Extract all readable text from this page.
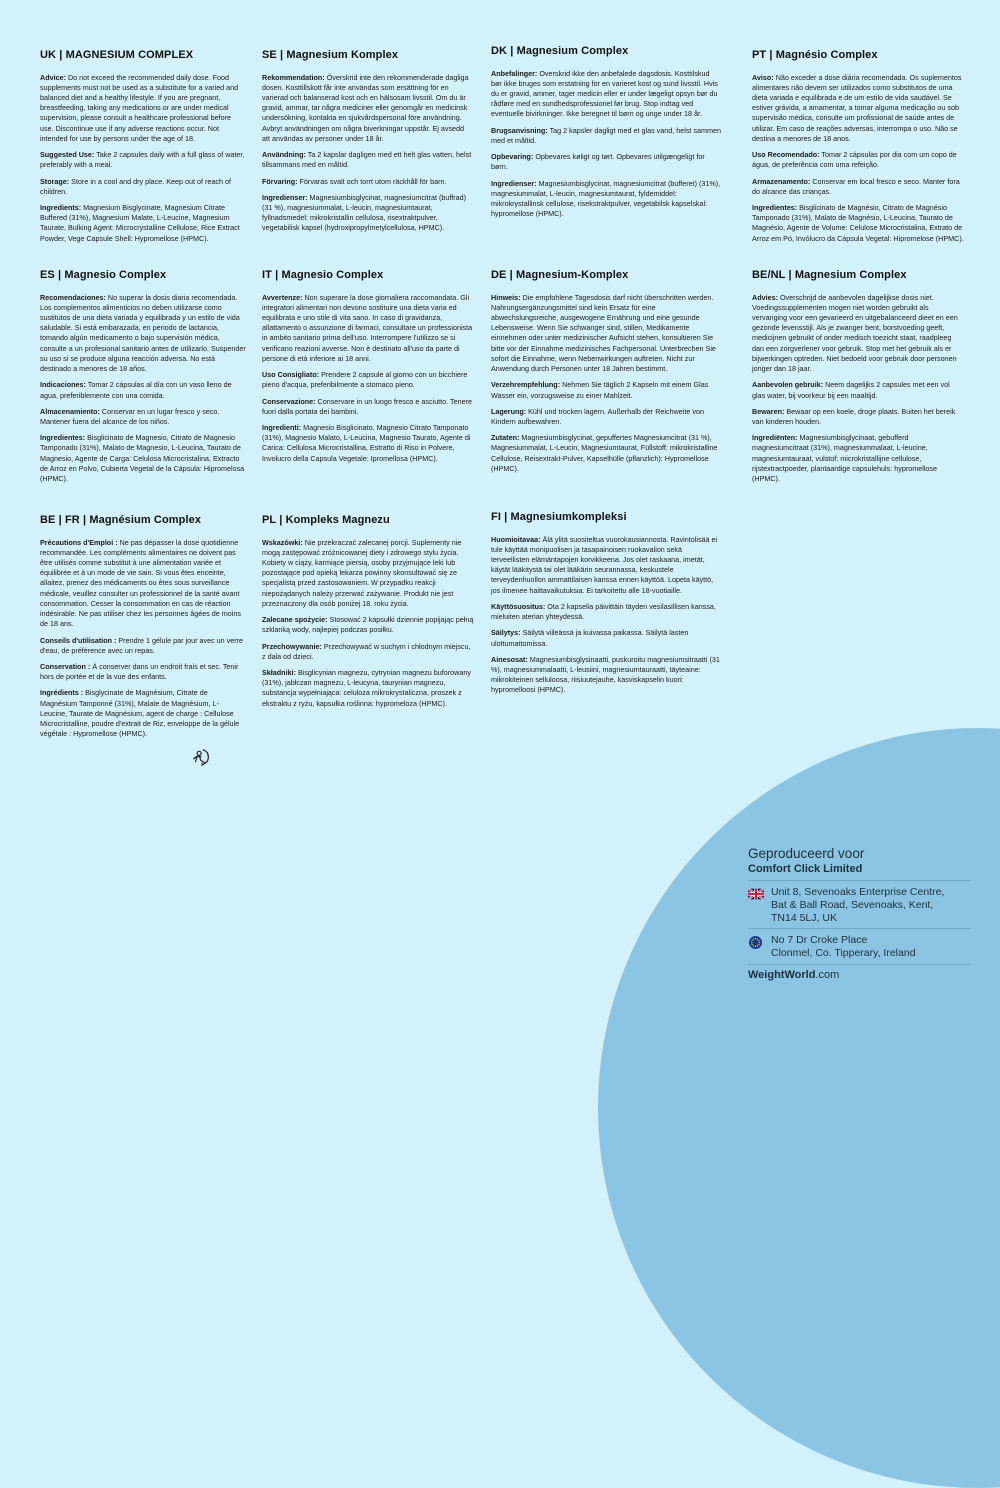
UK | MAGNESIUM COMPLEX

Advice: Do not exceed the recommended daily dose. Food supplements must not be used as a substitute for a varied and balanced diet and a healthy lifestyle. If you are pregnant, breastfeeding, taking any medications or are under medical supervision, please consult a healthcare professional before use. Discontinue use if any adverse reactions occur. Not intended for use by persons under the age of 18.

Suggested Use: Take 2 capsules daily with a full glass of water, preferably with a meal.

Storage: Store in a cool and dry place. Keep out of reach of children.

Ingredients: Magnesium Bisglycinate, Magnesium Citrate Buffered (31%), Magnesium Malate, L-Leucine, Magnesium Taurate, Bulking Agent: Microcrystalline Cellulose, Rice Extract Powder, Vege Capsule Shell: Hypromellose (HPMC).

SE | Magnesium Komplex

Rekommendation: Överskrid inte den rekommenderade dagliga dosen. Kosttillskott får inte användas som ersättning för en varierad och balanserad kost och en hälsosam livsstil. Om du är gravid, ammar, tar några mediciner eller genomgår en medicinsk undersökning, kontakta en sjukvårdspersonal före användning. Avbryt användningen om några biverkningar uppstår. Ej avsedd att användas av personer under 18 år.

Användning: Ta 2 kapslar dagligen med ett helt glas vatten, helst tillsammans med en måltid.

Förvaring: Förvaras svalt och torrt utom räckhåll för barn.

Ingredienser: Magnesiumbisglycinat, magnesiumcitrat (buffrad) (31 %), magnesiummalat, L-leucin, magnesiumtaurat, fyllnadsmedel: mikrokristallin cellulosa, risextraktpulver, vegetabilisk kapsel (hydroxipropylmetylcellulosa, HPMC).

DK | Magnesium Complex

Anbefalinger: Overskrid ikke den anbefalede dagsdosis. Kosttilskud bør ikke bruges som erstatning for en varieret kost og sund livsstil. Hvis du er gravid, ammer, tager medicin eller er under lægeligt opsyn bør du rådføre med en sundhedsprofessionel før brug. Stop indtag ved eventuelle bivirkninger. Ikke beregnet til børn og unge under 18 år.

Brugsanvisning: Tag 2 kapsler dagligt med et glas vand, helst sammen med et måltid.

Opbevaring: Opbevares køligt og tørt. Opbevares utilgængeligt for børn.

Ingredienser: Magnesiumbisglycinat, magnesiumcitrat (bufferet) (31%), magnesiummalat, L-leucin, magnesiumtaurat, fyldemiddel: mikrokrystallinsk cellulose, risekstraktpulver, vegetabilsk kapselskal: hypromellose (HPMC).

PT | Magnésio Complex

Aviso: Não exceder a dose diária recomendada. Os suplementos alimentares não devem ser utilizados como substitutos de uma dieta variada e equilibrada e de um estilo de vida saudável. Se estiver grávida, a amamentar, a tomar alguma medicação ou sob supervisão médica, consulte um profissional de saúde antes de utilizar. Em caso de reações adversas, interrompa o uso. Não se destina a menores de 18 anos.

Uso Recomendado: Tomar 2 cápsulas por dia com um copo de água, de preferência com uma refeição.

Armazenamento: Conservar em local fresco e seco. Manter fora do alcance das crianças.

Ingredientes: Bisglicinato de Magnésio, Citrato de Magnésio Tamponado (31%), Malato de Magnésio, L-Leucina, Taurato de Magnésio, Agente de Volume: Celulose Microcristalina, Extrato de Arroz em Pó, Invólucro da Cápsula Vegetal: Hipromelose (HPMC).

ES | Magnesio Complex

Recomendaciones: No superar la dosis diaria recomendada. Los complementos alimenticios no deben utilizarse como sustitutos de una dieta variada y equilibrada y un estilo de vida saludable. Si está embarazada, en periodo de lactancia, tomando algún medicamento o bajo supervisión médica, consulte a un profesional sanitario antes de utilizarlo. Suspender su uso si se produce alguna reacción adversa. No está destinado a menores de 18 años.

Indicaciones: Tomar 2 cápsulas al día con un vaso lleno de agua, preferiblemente con una comida.

Almacenamiento: Conservar en un lugar fresco y seco. Mantener fuera del alcance de los niños.

Ingredientes: Bisglicinato de Magnesio, Citrato de Magnesio Tamponado (31%), Malato de Magnesio, L-Leucina, Taurato de Magnesio, Agente de Carga: Celulosa Microcristalina, Extracto de Arroz en Polvo, Cubierta Vegetal de la Cápsula: Hipromelosa (HPMC).

IT | Magnesio Complex

Avvertenze: Non superare la dose giornaliera raccomandata. Gli integratori alimentari non devono sostituire una dieta varia ed equilibrata e uno stile di vita sano. In caso di gravidanza, allattamento o assunzione di farmaci, consultare un professionista in ambito sanitario prima dell'uso. Interrompere l'utilizzo se si verificano reazioni avverse. Non è destinato all'uso da parte di persone di età inferiore ai 18 anni.

Uso Consigliato: Prendere 2 capsule al giorno con un bicchiere pieno d'acqua, preferibilmente a stomaco pieno.

Conservazione: Conservare in un luogo fresco e asciutto. Tenere fuori dalla portata dei bambini.

Ingredienti: Magnesio Bisglicinato, Magnesio Citrato Tamponato (31%), Magnesio Malato, L-Leucina, Magnesio Taurato, Agente di Carica: Cellulosa Microcristallina, Estratto di Riso in Polvere, Involucro della Capsula Vegetale: Ipromellosa (HPMC).

DE | Magnesium-Komplex

Hinweis: Die empfohlene Tagesdosis darf nicht überschritten werden. Nahrungsergänzungsmittel sind kein Ersatz für eine abwechslungsreiche, ausgewogene Ernährung und eine gesunde Lebensweise. Wenn Sie schwanger sind, stillen, Medikamente einnehmen oder unter medizinischer Aufsicht stehen, konsultieren Sie bitte vor der Einnahme medizinisches Fachpersonal. Unterbrechen Sie sofort die Einnahme, wenn Nebenwirkungen auftreten. Nicht zur Anwendung durch Personen unter 18 Jahren bestimmt.

Verzehrempfehlung: Nehmen Sie täglich 2 Kapseln mit einem Glas Wasser ein, vorzugsweise zu einer Mahlzeit.

Lagerung: Kühl und trocken lagern. Außerhalb der Reichweite von Kindern aufbewahren.

Zutaten: Magnesiumbisglycinat, gepuffertes Magnesiumcitrat (31 %), Magnesiummalat, L-Leucin, Magnesiumtaurat, Füllstoff: mikrokristalline Cellulose, Reisextrakt-Pulver, Kapselhülle (pflanzlich): Hypromellose (HPMC).

BE/NL | Magnesium Complex

Advies: Overschrijd de aanbevolen dagelijkse dosis niet. Voedingssupplementen mogen niet worden gebruikt als vervanging voor een gevarieerd en uitgebalanceerd dieet en een gezonde levensstijl. Als je zwanger bent, borstvoeding geeft, medicijnen gebruikt of onder medisch toezicht staat, raadpleeg dan een zorgverlener voor gebruik. Stop met het gebruik als er bijwerkingen optreden. Niet bedoeld voor gebruik door personen jonger dan 18 jaar.

Aanbevolen gebruik: Neem dagelijks 2 capsules met een vol glas water, bij voorkeur bij een maaltijd.

Bewaren: Bewaar op een koele, droge plaats. Buiten het bereik van kinderen houden.

Ingrediënten: Magnesiumbisglycinaat, gebufferd magnesiumcitraat (31%), magnesiummalaat, L-leucine, magnesiumtauraat, vulstof: microkristallijne cellulose, rijstextractpoeder, plantaardige capsulehuls: hypromellose (HPMC).

BE | FR | Magnésium Complex

Précautions d'Emploi : Ne pas dépasser la dose quotidienne recommandée. Les compléments alimentaires ne doivent pas être utilisés comme substitut à une alimentation variée et équilibrée et à un mode de vie sain. Si vous êtes enceinte, allaitez, prenez des médicaments ou êtes sous surveillance médicale, veuillez consulter un professionnel de la santé avant consommation. Cesser la consommation en cas de réaction indésirable. Ne pas utiliser chez les personnes âgées de moins de 18 ans.

Conseils d'utilisation : Prendre 1 gélule par jour avec un verre d'eau, de préférence avec un repas.

Conservation : À conserver dans un endroit frais et sec. Tenir hors de portée et de la vue des enfants.

Ingrédients : Bisglycinate de Magnésium, Citrate de Magnésium Tamponné (31%), Malate de Magnésium, L-Leucine, Taurate de Magnésium, agent de charge : Cellulose Microcristalline, poudre d'extrait de Riz, enveloppe de la gélule végétale : Hypromellose (HPMC).

PL | Kompleks Magnezu

Wskazówki: Nie przekraczać zalecanej porcji. Suplementy nie mogą zastępować zróżnicowanej diety i zdrowego stylu życia. Kobiety w ciąży, karmiące piersią, osoby przyjmujące leki lub pozostające pod opieką lekarza powinny skonsultować się ze specjalistą przed zastosowaniem. W przypadku reakcji niepożądanych należy przerwać zażywanie. Produkt nie jest przeznaczony dla osób poniżej 18. roku życia.

Zalecane spożycie: Stosować 2 kapsułki dziennie popijając pełną szklanką wody, najlepiej podczas posiłku.

Przechowywanie: Przechowywać w suchym i chłodnym miejscu, z dala od dzieci.

Składniki: Bisglicynian magnezu, cytrynian magnezu buforowany (31%), jabłczan magnezu, L-leucyna, taurynian magnezu, substancja wypełniająca: celuloza mikrokrystaliczna, proszek z ekstraktu z ryżu, kapsułka roślinna: hypromeloza (HPMC).

FI | Magnesiumkompleksi

Huomioitavaa: Älä ylitä suositeltua vuorokausiannosta. Ravintolisää ei tule käyttää monipuolisen ja tasapainoisen ruokavalion sekä terveellisten elämäntapojen korvikkeena. Jos olet raskaana, imetät, käytät lääkitystä tai olet lääkärin seurannassa, keskustele terveydenhuollon ammattilaisen kanssa ennen käyttöä. Lopeta käyttö, jos ilmenee haittavaikutuksia. Ei tarkoitettu alle 18-vuotiaille.

Käyttösuositus: Ota 2 kapselia päivittäin täyden vesilasillisen kanssa, mieluiten aterian yhteydessä.

Säilytys: Säilytä viileässä ja kuivassa paikassa. Säilytä lasten ulottumattomissa.

Ainesosat: Magnesiumbisglysinaatti, puskuroitu magnesiumsitraatti (31 %), magnesiummalaatti, L-leusiini, magnesiumtauraatti, täyteaine: mikrokiteinen selluloosa, riisiuutejauhe, kasviskapselin kuori: hypromelloosi (HPMC).

Geproduceerd voor
Comfort Click Limited
Unit 8, Sevenoaks Enterprise Centre,
Bat & Ball Road, Sevenoaks, Kent,
TN14 5LJ, UK
No 7 Dr Croke Place
Clonmel, Co. Tipperary, Ireland
WeightWorld.com
